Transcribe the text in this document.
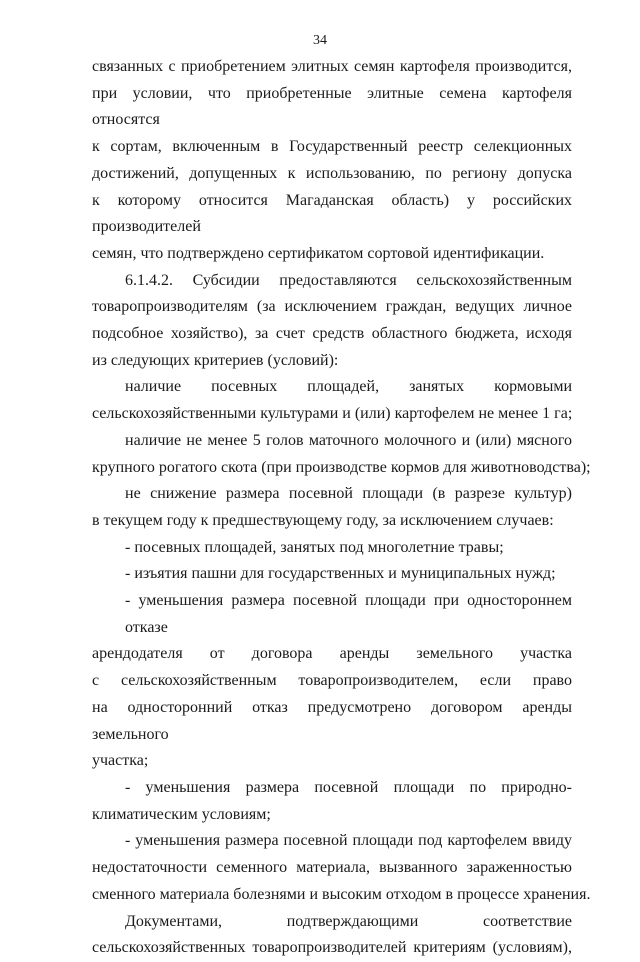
34
связанных с приобретением элитных семян картофеля производится,
при условии, что приобретенные элитные семена картофеля относятся
к сортам, включенным в Государственный реестр селекционных
достижений, допущенных к использованию, по региону допуска
к которому относится Магаданская область) у российских производителей
семян, что подтверждено сертификатом сортовой идентификации.
6.1.4.2. Субсидии предоставляются сельскохозяйственным
товаропроизводителям (за исключением граждан, ведущих личное
подсобное хозяйство), за счет средств областного бюджета, исходя
из следующих критериев (условий):
наличие посевных площадей, занятых кормовыми
сельскохозяйственными культурами и (или) картофелем не менее 1 га;
наличие не менее 5 голов маточного молочного и (или) мясного
крупного рогатого скота (при производстве кормов для животноводства);
не снижение размера посевной площади (в разрезе культур)
в текущем году к предшествующему году, за исключением случаев:
- посевных площадей, занятых под многолетние травы;
- изъятия пашни для государственных и муниципальных нужд;
- уменьшения размера посевной площади при одностороннем отказе
арендодателя от договора аренды земельного участка
с сельскохозяйственным товаропроизводителем, если право
на односторонний отказ предусмотрено договором аренды земельного
участка;
- уменьшения размера посевной площади по природно-
климатическим условиям;
- уменьшения размера посевной площади под картофелем ввиду
недостаточности семенного материала, вызванного зараженностью
сменного материала болезнями и высоким отходом в процессе хранения.
Документами, подтверждающими соответствие
сельскохозяйственных товаропроизводителей критериям (условиям),
